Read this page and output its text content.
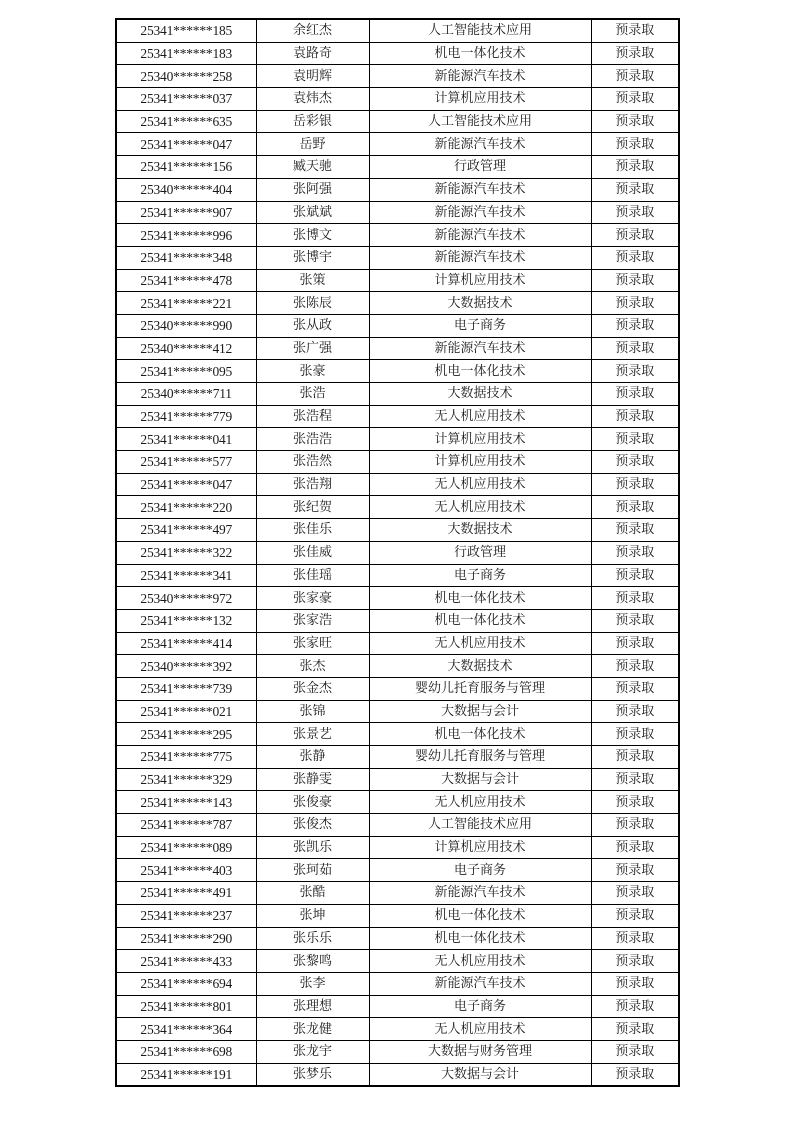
25341******185	余红杰	人工智能技术应用	预录取
25341******183	袁路奇	机电一体化技术	预录取
25340******258	袁明辉	新能源汽车技术	预录取
25341******037	袁炜杰	计算机应用技术	预录取
25341******635	岳彩银	人工智能技术应用	预录取
25341******047	岳野	新能源汽车技术	预录取
25341******156	臧天驰	行政管理	预录取
25340******404	张阿强	新能源汽车技术	预录取
25341******907	张斌斌	新能源汽车技术	预录取
25341******996	张博文	新能源汽车技术	预录取
25341******348	张博宇	新能源汽车技术	预录取
25341******478	张策	计算机应用技术	预录取
25341******221	张陈辰	大数据技术	预录取
25340******990	张从政	电子商务	预录取
25340******412	张广强	新能源汽车技术	预录取
25341******095	张豪	机电一体化技术	预录取
25340******711	张浩	大数据技术	预录取
25341******779	张浩程	无人机应用技术	预录取
25341******041	张浩浩	计算机应用技术	预录取
25341******577	张浩然	计算机应用技术	预录取
25341******047	张浩翔	无人机应用技术	预录取
25341******220	张纪贺	无人机应用技术	预录取
25341******497	张佳乐	大数据技术	预录取
25341******322	张佳威	行政管理	预录取
25341******341	张佳瑶	电子商务	预录取
25340******972	张家豪	机电一体化技术	预录取
25341******132	张家浩	机电一体化技术	预录取
25341******414	张家旺	无人机应用技术	预录取
25340******392	张杰	大数据技术	预录取
25341******739	张金杰	婴幼儿托育服务与管理	预录取
25341******021	张锦	大数据与会计	预录取
25341******295	张景艺	机电一体化技术	预录取
25341******775	张静	婴幼儿托育服务与管理	预录取
25341******329	张静雯	大数据与会计	预录取
25341******143	张俊豪	无人机应用技术	预录取
25341******787	张俊杰	人工智能技术应用	预录取
25341******089	张凯乐	计算机应用技术	预录取
25341******403	张珂茹	电子商务	预录取
25341******491	张酷	新能源汽车技术	预录取
25341******237	张坤	机电一体化技术	预录取
25341******290	张乐乐	机电一体化技术	预录取
25341******433	张黎鸣	无人机应用技术	预录取
25341******694	张李	新能源汽车技术	预录取
25341******801	张理想	电子商务	预录取
25341******364	张龙健	无人机应用技术	预录取
25341******698	张龙宇	大数据与财务管理	预录取
25341******191	张梦乐	大数据与会计	预录取
